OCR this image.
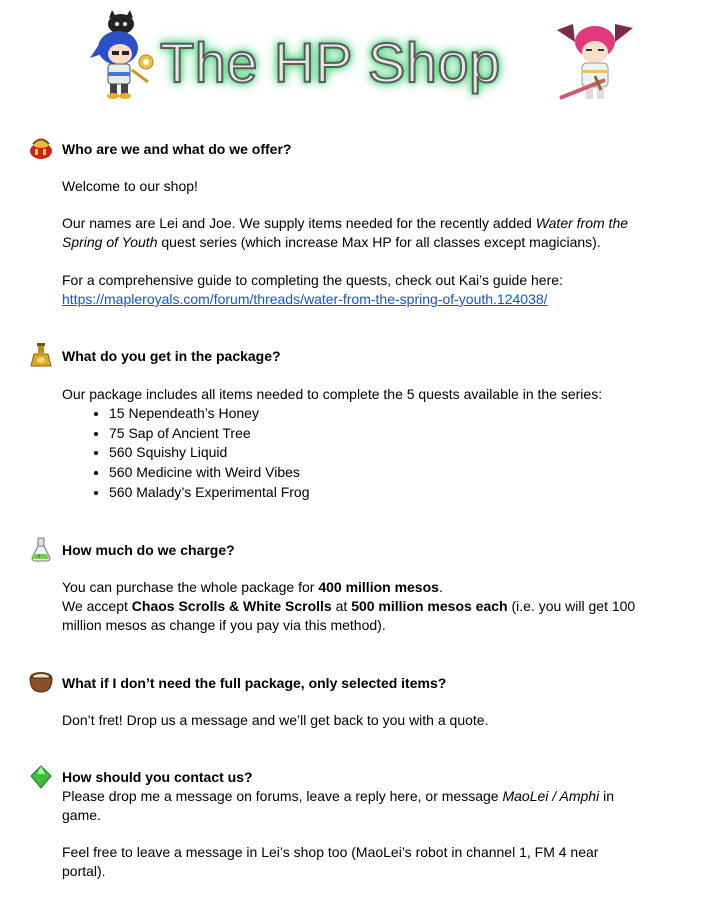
The HP Shop
Who are we and what do we offer?

Welcome to our shop!

Our names are Lei and Joe. We supply items needed for the recently added Water from the Spring of Youth quest series (which increase Max HP for all classes except magicians).

For a comprehensive guide to completing the quests, check out Kai’s guide here:

https://mapleroyals.com/forum/threads/water-from-the-spring-of-youth.124038/
What do you get in the package?
Our package includes all items needed to complete the 5 quests available in the series:
• 15 Nependeath’s Honey
• 75 Sap of Ancient Tree
• 560 Squishy Liquid
• 560 Medicine with Weird Vibes
• 560 Malady’s Experimental Frog
How much do we charge?

You can purchase the whole package for 400 million mesos.

We accept Chaos Scrolls & White Scrolls at 500 million mesos each (i.e. you will get 100 million mesos as change if you pay via this method).

What if I don’t need the full package, only selected items?
Don’t fret! Drop us a message and we’ll get back to you with a quote.
How should you contact us?
Please drop me a message on forums, leave a reply here, or message MaoLei / Amphi in game.
Feel free to leave a message in Lei’s shop too (MaoLei’s robot in channel 1, FM 4 near portal).
